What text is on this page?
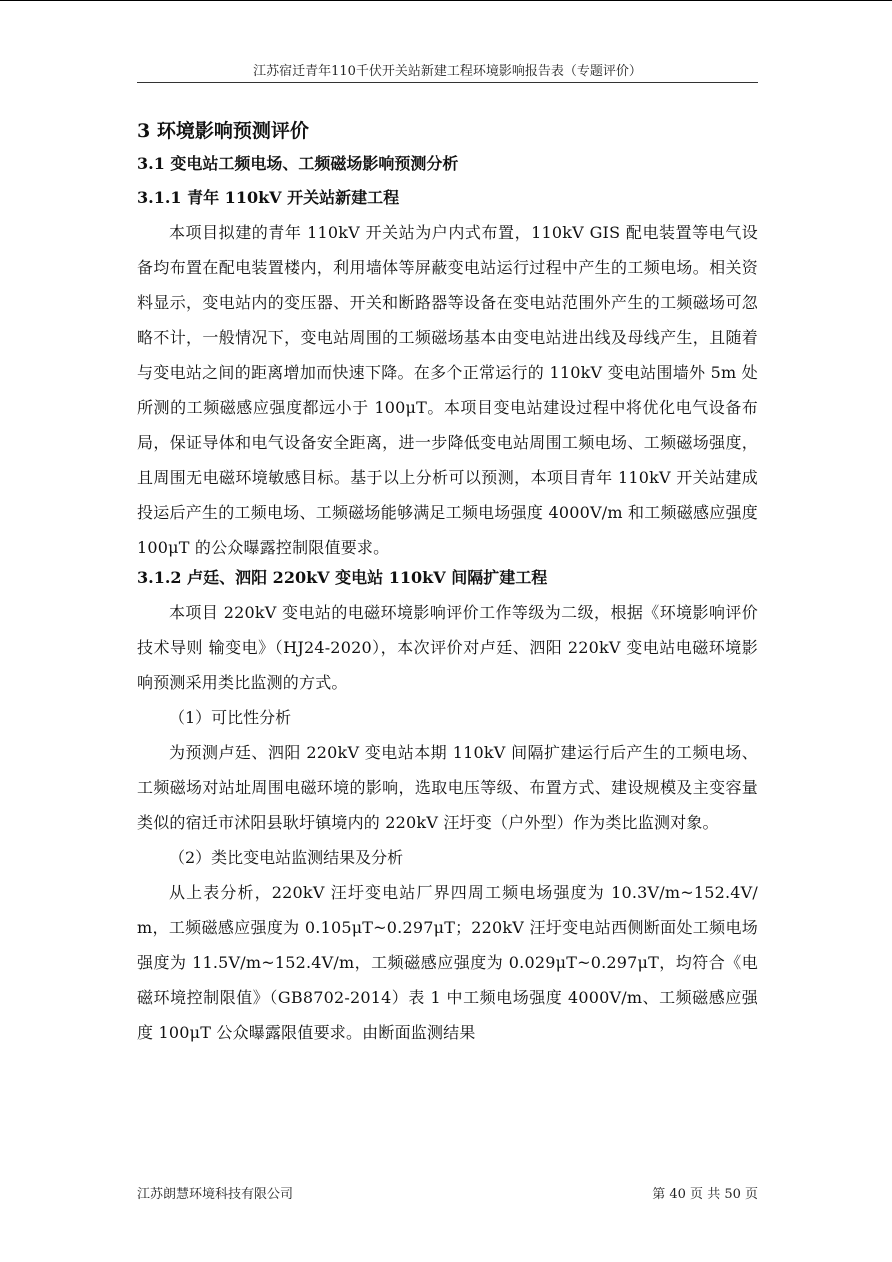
江苏宿迁青年110千伏开关站新建工程环境影响报告表（专题评价）
3 环境影响预测评价
3.1 变电站工频电场、工频磁场影响预测分析
3.1.1 青年 110kV 开关站新建工程

本项目拟建的青年 110kV 开关站为户内式布置，110kV GIS 配电装置等电气设备均布置在配电装置楼内，利用墙体等屏蔽变电站运行过程中产生的工频电场。相关资料显示，变电站内的变压器、开关和断路器等设备在变电站范围外产生的工频磁场可忽略不计，一般情况下，变电站周围的工频磁场基本由变电站进出线及母线产生，且随着与变电站之间的距离增加而快速下降。在多个正常运行的 110kV 变电站围墙外 5m 处所测的工频磁感应强度都远小于 100μT。本项目变电站建设过程中将优化电气设备布局，保证导体和电气设备安全距离，进一步降低变电站周围工频电场、工频磁场强度，且周围无电磁环境敏感目标。基于以上分析可以预测，本项目青年 110kV 开关站建成投运后产生的工频电场、工频磁场能够满足工频电场强度 4000V/m 和工频磁感应强度 100μT 的公众曝露控制限值要求。

3.1.2 卢廷、泗阳 220kV 变电站 110kV 间隔扩建工程

本项目 220kV 变电站的电磁环境影响评价工作等级为二级，根据《环境影响评价技术导则 输变电》（HJ24-2020），本次评价对卢廷、泗阳 220kV 变电站电磁环境影响预测采用类比监测的方式。

（1）可比性分析

为预测卢廷、泗阳 220kV 变电站本期 110kV 间隔扩建运行后产生的工频电场、工频磁场对站址周围电磁环境的影响，选取电压等级、布置方式、建设规模及主变容量类似的宿迁市沭阳县耿圩镇境内的 220kV 汪圩变（户外型）作为类比监测对象。

（2）类比变电站监测结果及分析

从上表分析，220kV 汪圩变电站厂界四周工频电场强度为 10.3V/m~152.4V/m，工频磁感应强度为 0.105μT~0.297μT；220kV 汪圩变电站西侧断面处工频电场强度为 11.5V/m~152.4V/m，工频磁感应强度为 0.029μT~0.297μT，均符合《电磁环境控制限值》（GB8702-2014）表 1 中工频电场强度 4000V/m、工频磁感应强度 100μT 公众曝露限值要求。由断面监测结果

江苏朗慧环境科技有限公司	第 40 页 共 50 页
